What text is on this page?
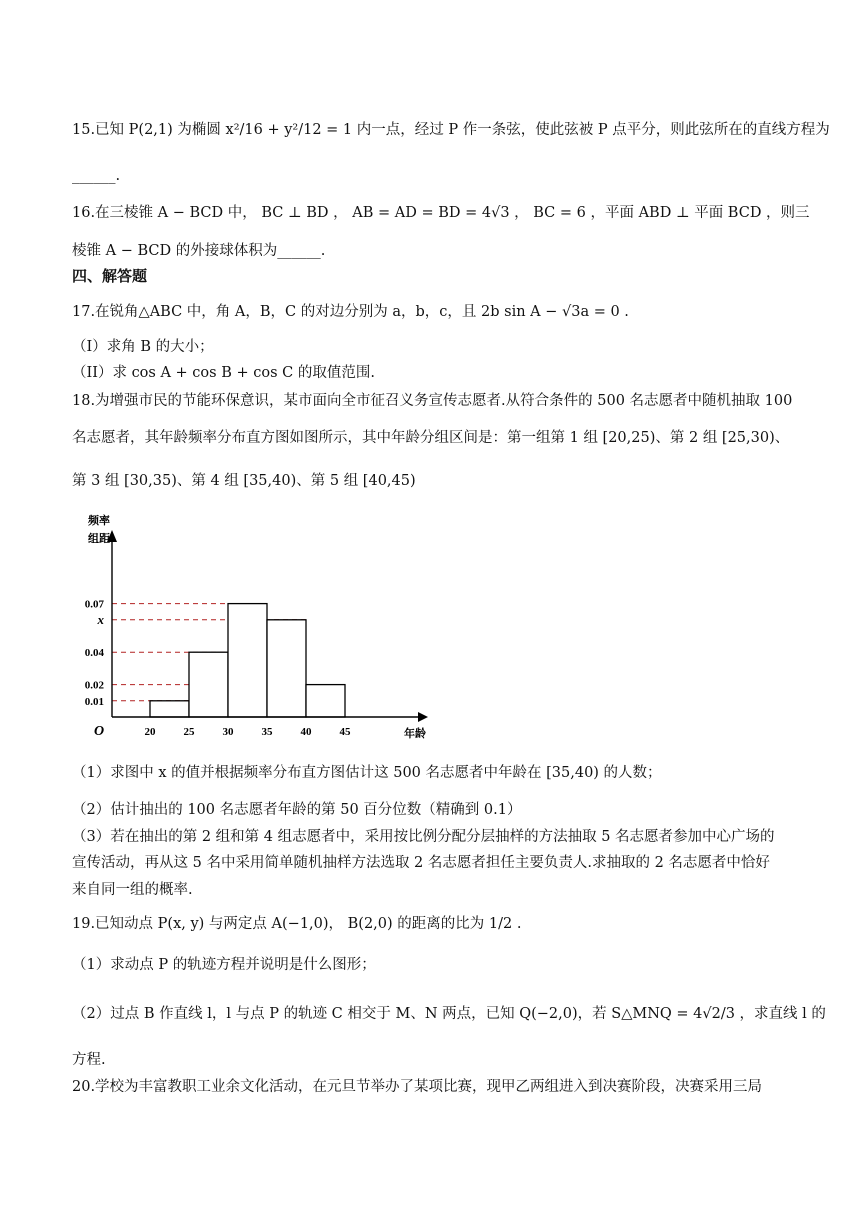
15.已知 P(2,1) 为椭圆 x²/16 + y²/12 = 1 内一点，经过 P 作一条弦，使此弦被 P 点平分，则此弦所在的直线方程为
______.
16.在三棱锥 A − BCD 中， BC ⊥ BD ， AB = AD = BD = 4√3 ， BC = 6 ，平面 ABD ⊥ 平面 BCD ，则三
棱锥 A − BCD 的外接球体积为______.
四、解答题
17.在锐角△ABC 中，角 A，B，C 的对边分别为 a，b，c，且 2b sin A − √3a = 0 .
（I）求角 B 的大小；
（II）求 cos A + cos B + cos C 的取值范围.
18.为增强市民的节能环保意识，某市面向全市征召义务宣传志愿者.从符合条件的 500 名志愿者中随机抽取 100
名志愿者，其年龄频率分布直方图如图所示，其中年龄分组区间是：第一组第 1 组 [20,25)、第 2 组 [25,30)、
第 3 组 [30,35)、第 4 组 [35,40)、第 5 组 [40,45)
20	25	30	35	40	45
0.01
0.02
0.04
x
0.07
频率
组距
年龄
O
（1）求图中 x 的值并根据频率分布直方图估计这 500 名志愿者中年龄在 [35,40) 的人数；
（2）估计抽出的 100 名志愿者年龄的第 50 百分位数（精确到 0.1）
（3）若在抽出的第 2 组和第 4 组志愿者中，采用按比例分配分层抽样的方法抽取 5 名志愿者参加中心广场的
宣传活动，再从这 5 名中采用简单随机抽样方法选取 2 名志愿者担任主要负责人.求抽取的 2 名志愿者中恰好
来自同一组的概率.
19.已知动点 P(x, y) 与两定点 A(−1,0)， B(2,0) 的距离的比为 1/2 .
（1）求动点 P 的轨迹方程并说明是什么图形；
（2）过点 B 作直线 l，l 与点 P 的轨迹 C 相交于 M、N 两点，已知 Q(−2,0)，若 S△MNQ = 4√2/3 ，求直线 l 的
方程.
20.学校为丰富教职工业余文化活动，在元旦节举办了某项比赛，现甲乙两组进入到决赛阶段，决赛采用三局
